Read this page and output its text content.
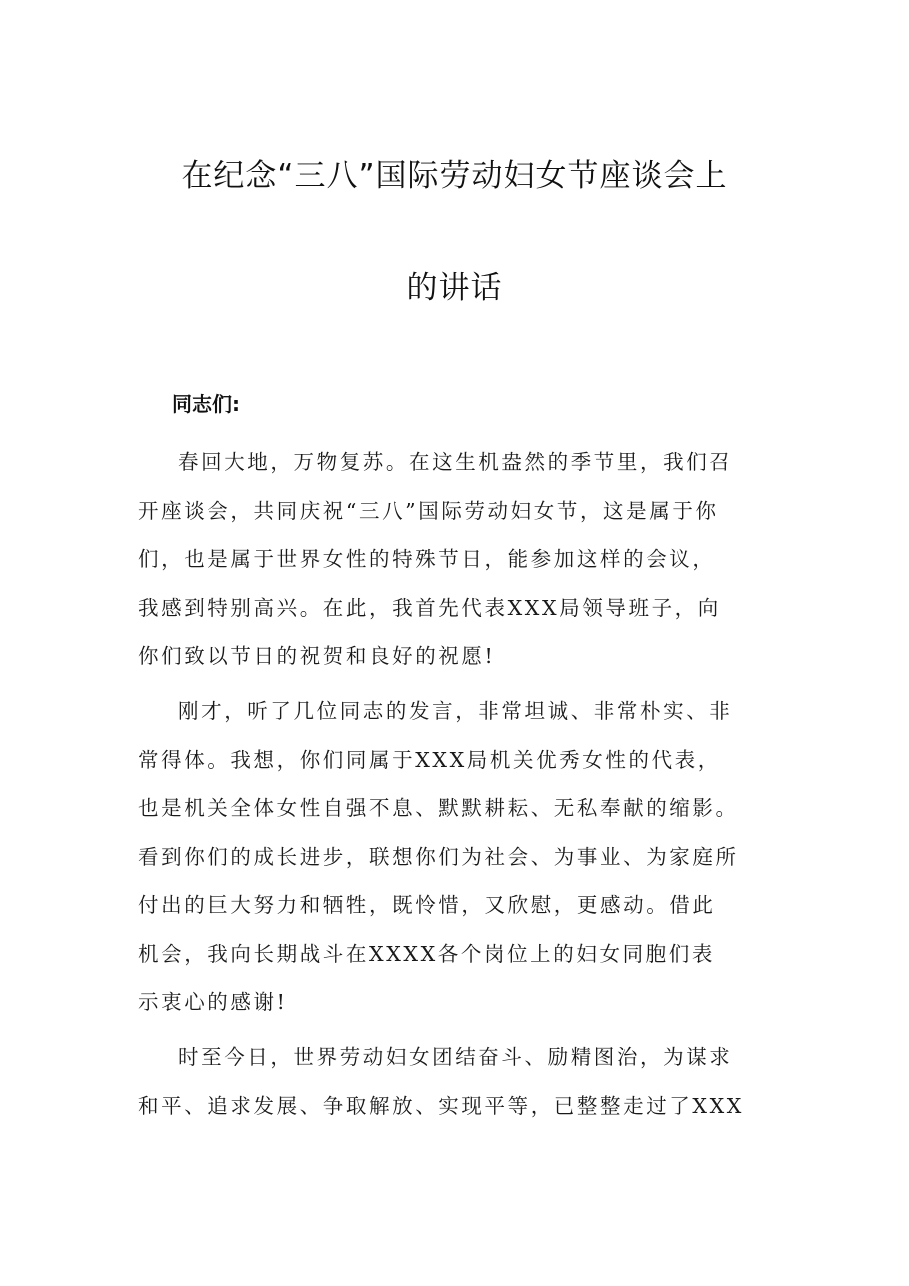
在纪念“三八”国际劳动妇女节座谈会上
的讲话
同志们:
春回大地，万物复苏。在这生机盎然的季节里，我们召
开座谈会，共同庆祝“三八”国际劳动妇女节，这是属于你
们，也是属于世界女性的特殊节日，能参加这样的会议，
我感到特别高兴。在此，我首先代表XXX局领导班子，向
你们致以节日的祝贺和良好的祝愿!
刚才，听了几位同志的发言，非常坦诚、非常朴实、非
常得体。我想，你们同属于XXX局机关优秀女性的代表，
也是机关全体女性自强不息、默默耕耘、无私奉献的缩影。
看到你们的成长进步，联想你们为社会、为事业、为家庭所
付出的巨大努力和牺牲，既怜惜，又欣慰，更感动。借此
机会，我向长期战斗在XXXX各个岗位上的妇女同胞们表
示衷心的感谢!
时至今日，世界劳动妇女团结奋斗、励精图治，为谋求
和平、追求发展、争取解放、实现平等，已整整走过了XXX
